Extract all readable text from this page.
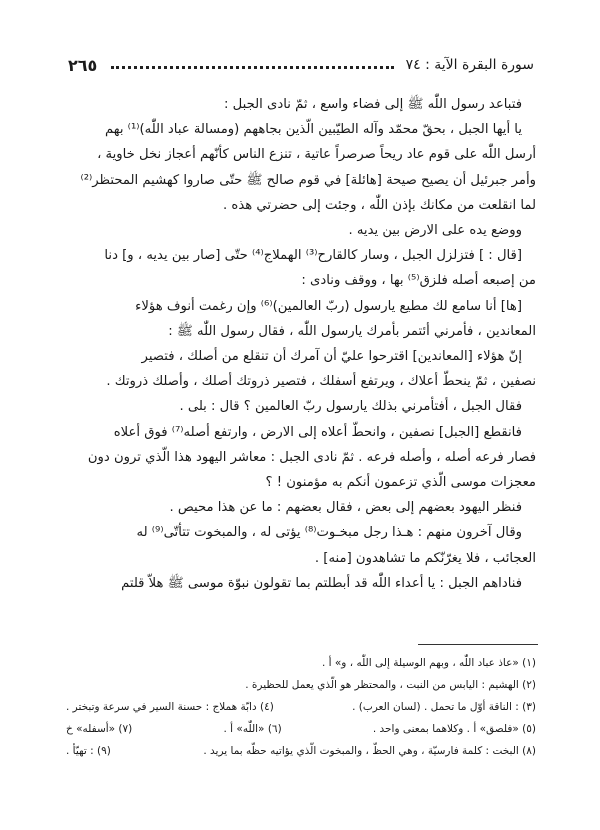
سورة البقرة الآية : ٧٤
٢٦٥

فتباعد رسول اللّٰه ﷺ إلى فضاء واسع ، ثمّ نادى الجبل :

يا أيها الجبل ، بحقّ محمّد وآله الطيّبين الّذين بجاههم (ومسالة عباد اللّٰه)⁽¹⁾ بهم

أرسل اللّٰه على قوم عاد ريحاً صرصراً عاتية ، تنزع الناس كأنّهم أعجاز نخل خاوية ،

وأمر جبرئيل أن يصيح صيحة [هائلة] في قوم صالح ﷺ حتّى صاروا كهشيم المحتظر⁽²⁾

لما انقلعت من مكانك بإذن اللّٰه ، وجئت إلى حضرتي هذه .

ووضع يده على الارض بين يديه .

[قال : ] فتزلزل الجبل ، وسار كالقارح⁽³⁾ الهملاج⁽⁴⁾ حتّى [صار بين يديه ، و] دنا

من إصبعه أصله فلزق⁽⁵⁾ بها ، ووقف ونادى :

[ها] أنا سامع لك مطيع يارسول (ربّ العالمين)⁽⁶⁾ وإن رغمت أنوف هؤلاء

المعاندين ، فأمرني أئتمر بأمرك يارسول اللّٰه ، فقال رسول اللّٰه ﷺ :

إنّ هؤلاء [المعاندين] اقترحوا عليّ أن آمرك أن تنقلع من أصلك ، فتصير

نصفين ، ثمّ ينحطّ أعلاك ، ويرتفع أسفلك ، فتصير ذروتك أصلك ، وأصلك ذروتك .

فقال الجبل ، أفتأمرني بذلك يارسول ربّ العالمين ؟ قال : بلى .

فانقطع [الجبل] نصفين ، وانحطّ أعلاه إلى الارض ، وارتفع أصله⁽⁷⁾ فوق أعلاه

فصار فرعه أصله ، وأصله فرعه . ثمّ نادى الجبل : معاشر اليهود هذا الّذي ترون دون

معجزات موسى الّذي تزعمون أنكم به مؤمنون ! ؟

فنظر اليهود بعضهم إلى بعض ، فقال بعضهم : ما عن هذا محيص .

وقال آخرون منهم : هـذا رجل مبخـوت⁽⁸⁾ يؤتى له ، والمبخوت تتأتّى⁽⁹⁾ له

العجائب ، فلا يغرّنّكم ما تشاهدون [منه] .

فناداهم الجبل : يا أعداء اللّٰه قد أبطلتم بما تقولون نبوّة موسى ﷺ هلاّ قلتم

(١) «عاذ عباد اللّٰه ، وبهم الوسيلة إلى اللّٰه ، و» أ .
(٢) الهشيم : اليابس من النبت ، والمحتظر هو الّذي يعمل للحظيرة .
(٣) : الناقة أوّل ما تحمل . (لسان العرب) .
(٤) دابّة هملاج : حسنة السير في سرعة وتبختر .
(٥) «فلصق» أ . وكلاهما بمعنى واحد .
(٦) «اللّٰه» أ .
(٧) «أسفله» خ
(٨) البخت : كلمة فارسيّة ، وهي الحظّ ، والمبخوت الّذي يؤاتيه حظّه بما يريد .
(٩) : تهيّأ .
